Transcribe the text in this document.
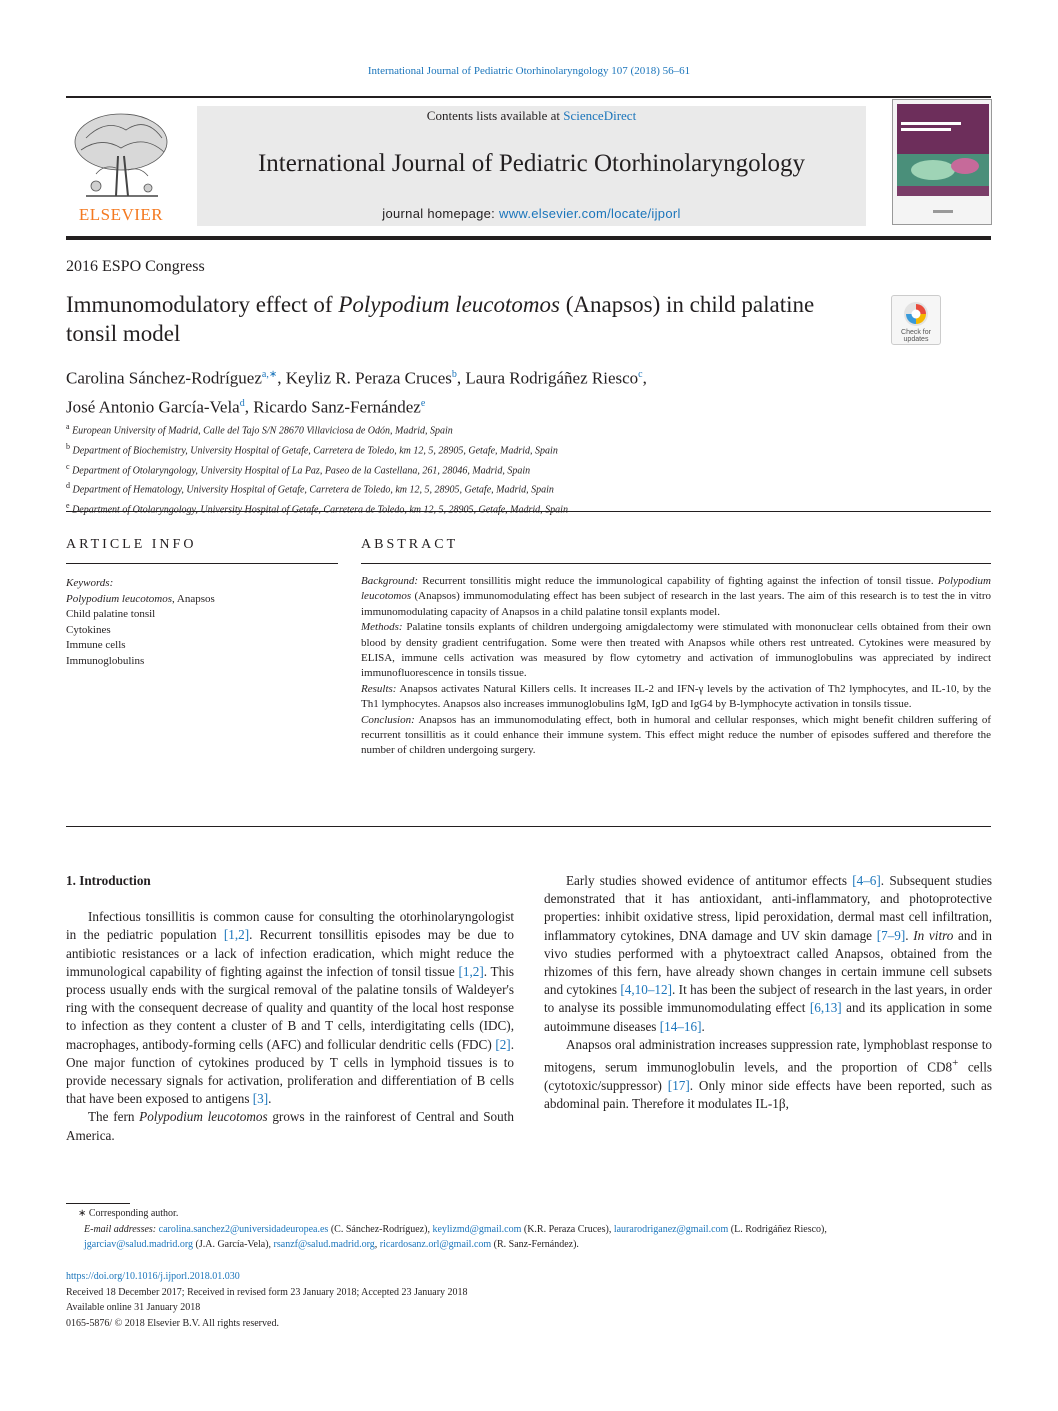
International Journal of Pediatric Otorhinolaryngology 107 (2018) 56–61
ELSEVIER
Contents lists available at ScienceDirect
International Journal of Pediatric Otorhinolaryngology
journal homepage: www.elsevier.com/locate/ijporl
2016 ESPO Congress
Immunomodulatory effect of Polypodium leucotomos (Anapsos) in child palatine tonsil model	Check for
updates
Carolina Sánchez-Rodríguez$^{a,∗}$, Keyliz R. Peraza Cruces$^b$, Laura Rodrigáñez Riesco$^c$,
José Antonio García-Vela$^d$, Ricardo Sanz-Fernández$^e$
$^a$ European University of Madrid, Calle del Tajo S/N 28670 Villaviciosa de Odón, Madrid, Spain
$^b$ Department of Biochemistry, University Hospital of Getafe, Carretera de Toledo, km 12, 5, 28905, Getafe, Madrid, Spain
$^c$ Department of Otolaryngology, University Hospital of La Paz, Paseo de la Castellana, 261, 28046, Madrid, Spain
$^d$ Department of Hematology, University Hospital of Getafe, Carretera de Toledo, km 12, 5, 28905, Getafe, Madrid, Spain
$^e$
ARTICLE INFO
Keywords:
Polypodium leucotomos, Anapsos
Child palatine tonsil
Cytokines
Immune cells
Immunoglobulins
ABSTRACT
Background: Recurrent tonsillitis might reduce the immunological capability of fighting against the infection of tonsil tissue. Polypodium leucotomos (Anapsos) immunomodulating effect has been subject of research in the last years. The aim of this research is to test the in vitro immunomodulating capacity of Anapsos in a child palatine tonsil explants model.
Methods: Palatine tonsils explants of children undergoing amigdalectomy were stimulated with mononuclear cells obtained from their own blood by density gradient centrifugation. Some were then treated with Anapsos while others rest untreated. Cytokines were measured by ELISA, immune cells activation was measured by flow cytometry and activation of immunoglobulins was appreciated by indirect immunofluorescence in tonsils tissue.
Results: Anapsos activates Natural Killers cells. It increases IL-2 and IFN-γ levels by the activation of Th2 lymphocytes, and IL-10, by the Th1 lymphocytes. Anapsos also increases immunoglobulins IgM, IgD and IgG4 by B-lymphocyte activation in tonsils tissue.
Conclusion: Anapsos has an immunomodulating effect, both in humoral and cellular responses, which might benefit children suffering of recurrent tonsillitis as it could enhance their immune system. This effect might reduce the number of episodes suffered and therefore the number of children undergoing surgery.
1. Introduction

Infectious tonsillitis is common cause for consulting the otorhinolaryngologist in the pediatric population [1,2]. Recurrent tonsillitis episodes may be due to antibiotic resistances or a lack of infection eradication, which might reduce the immunological capability of fighting against the infection of tonsil tissue [1,2]. This process usually ends with the surgical removal of the palatine tonsils of Waldeyer's ring with the consequent decrease of quality and quantity of the local host response to infection as they content a cluster of B and T cells, interdigitating cells (IDC), macrophages, antibody-forming cells (AFC) and follicular dendritic cells (FDC) [2]. One major function of cytokines produced by T cells in lymphoid tissues is to provide necessary signals for activation, proliferation and differentiation of B cells that have been exposed to antigens [3].

The fern Polypodium leucotomos grows in the rainforest of Central and South America.

Early studies showed evidence of antitumor effects [4–6]. Subsequent studies demonstrated that it has antioxidant, anti-inflammatory, and photoprotective properties: inhibit oxidative stress, lipid peroxidation, dermal mast cell infiltration, inflammatory cytokines, DNA damage and UV skin damage [7–9]. In vitro and in vivo studies performed with a phytoextract called Anapsos, obtained from the rhizomes of this fern, have already shown changes in certain immune cell subsets and cytokines [4,10–12]. It has been the subject of research in the last years, in order to analyse its possible immunomodulating effect [6,13] and its application in some autoimmune diseases [14–16].

Anapsos oral administration increases suppression rate, lymphoblast response to mitogens, serum immunoglobulin levels, and the proportion of CD8+ cells (cytotoxic/suppressor) [17]. Only minor side effects have been reported, such as abdominal pain. Therefore it modulates IL-1β,

∗ Corresponding author.
E-mail addresses: carolina.sanchez2@universidadeuropea.es (C. Sánchez-Rodríguez), keylizmd@gmail.com (K.R. Peraza Cruces), laurarodriganez@gmail.com (L. Rodrigáñez Riesco),
jgarciav@salud.madrid.org (J.A. García-Vela), rsanzf@salud.madrid.org, ricardosanz.orl@gmail.com (R. Sanz-Fernández).
https://doi.org/10.1016/j.ijporl.2018.01.030
Received 18 December 2017; Received in revised form 23 January 2018; Accepted 23 January 2018
Available online 31 January 2018
0165-5876/ © 2018 Elsevier B.V. All rights reserved.
